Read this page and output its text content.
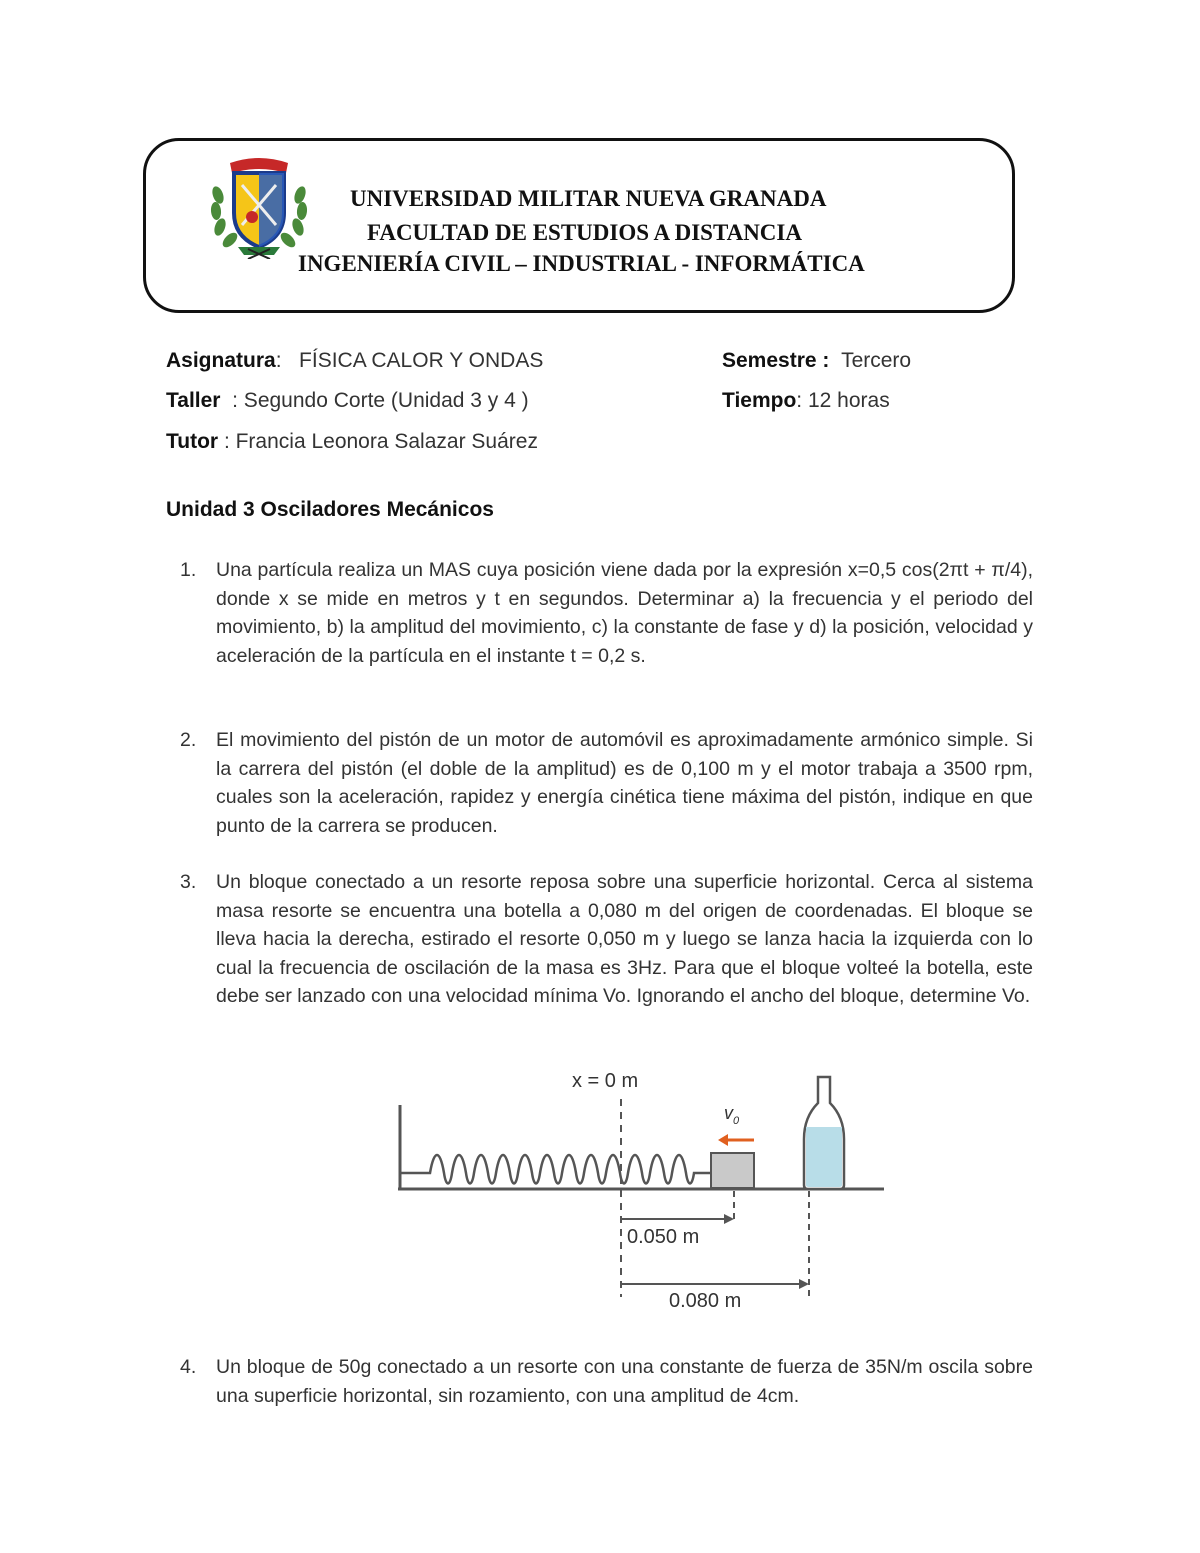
UNIVERSIDAD MILITAR NUEVA GRANADA
FACULTAD DE ESTUDIOS A DISTANCIA
INGENIERÍA CIVIL – INDUSTRIAL - INFORMÁTICA
Asignatura:   FÍSICA CALOR Y ONDAS	Semestre : Tercero
Taller : Segundo Corte (Unidad 3 y 4 )	Tiempo: 12 horas
Tutor : Francia Leonora Salazar Suárez
Unidad 3 Osciladores Mecánicos
1. Una partícula realiza un MAS cuya posición viene dada por la expresión x=0,5 cos(2πt + π/4), donde x se mide en metros y t en segundos. Determinar a) la frecuencia y el periodo del movimiento, b) la amplitud del movimiento, c) la constante de fase y d) la posición, velocidad y aceleración de la partícula en el instante t = 0,2 s.
2. El movimiento del pistón de un motor de automóvil es aproximadamente armónico simple. Si la carrera del pistón (el doble de la amplitud) es de 0,100 m y el motor trabaja a 3500 rpm, cuales son la aceleración, rapidez y energía cinética tiene máxima del pistón, indique en que punto de la carrera se producen.
3. Un bloque conectado a un resorte reposa sobre una superficie horizontal. Cerca al sistema masa resorte se encuentra una botella a 0,080 m del origen de coordenadas. El bloque se lleva hacia la derecha, estirado el resorte 0,050 m y luego se lanza hacia la izquierda con lo cual la frecuencia de oscilación de la masa es 3Hz. Para que el bloque volteé la botella, este debe ser lanzado con una velocidad mínima Vo. Ignorando el ancho del bloque, determine Vo.
$v_0$
x = 0 m
0.050 m
0.080 m
4. Un bloque de 50g conectado a un resorte con una constante de fuerza de 35N/m oscila sobre una superficie horizontal, sin rozamiento, con una amplitud de 4cm.
